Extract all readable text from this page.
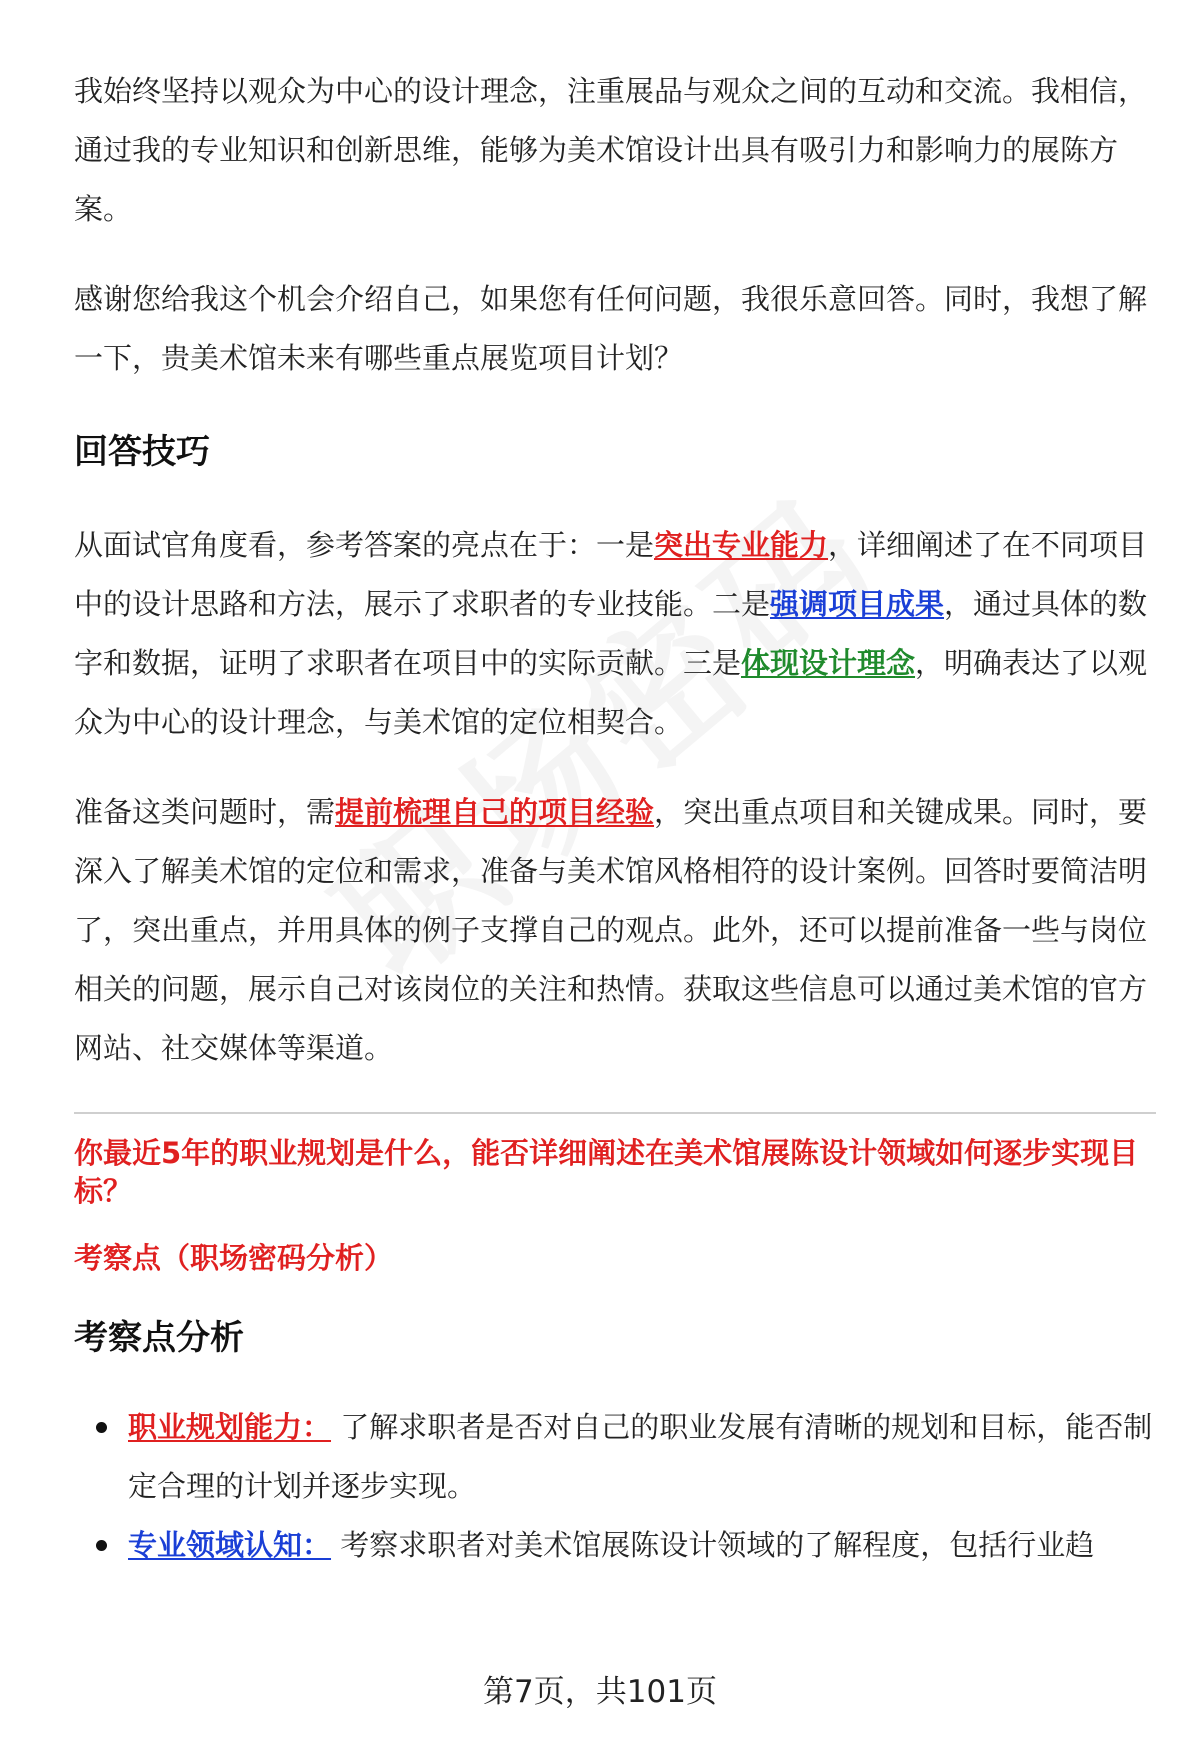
我始终坚持以观众为中心的设计理念，注重展品与观众之间的互动和交流。我相信，通过我的专业知识和创新思维，能够为美术馆设计出具有吸引力和影响力的展陈方案。

感谢您给我这个机会介绍自己，如果您有任何问题，我很乐意回答。同时，我想了解一下，贵美术馆未来有哪些重点展览项目计划？

回答技巧

从面试官角度看，参考答案的亮点在于：一是突出专业能力，详细阐述了在不同项目中的设计思路和方法，展示了求职者的专业技能。二是强调项目成果，通过具体的数字和数据，证明了求职者在项目中的实际贡献。三是体现设计理念，明确表达了以观众为中心的设计理念，与美术馆的定位相契合。

准备这类问题时，需提前梳理自己的项目经验，突出重点项目和关键成果。同时，要深入了解美术馆的定位和需求，准备与美术馆风格相符的设计案例。回答时要简洁明了，突出重点，并用具体的例子支撑自己的观点。此外，还可以提前准备一些与岗位相关的问题，展示自己对该岗位的关注和热情。获取这些信息可以通过美术馆的官方网站、社交媒体等渠道。

你最近5年的职业规划是什么，能否详细阐述在美术馆展陈设计领域如何逐步实现目标？

考察点（职场密码分析）

考察点分析
职业规划能力： 了解求职者是否对自己的职业发展有清晰的规划和目标，能否制定合理的计划并逐步实现。
专业领域认知： 考察求职者对美术馆展陈设计领域的了解程度，包括行业趋
第7页，共101页
